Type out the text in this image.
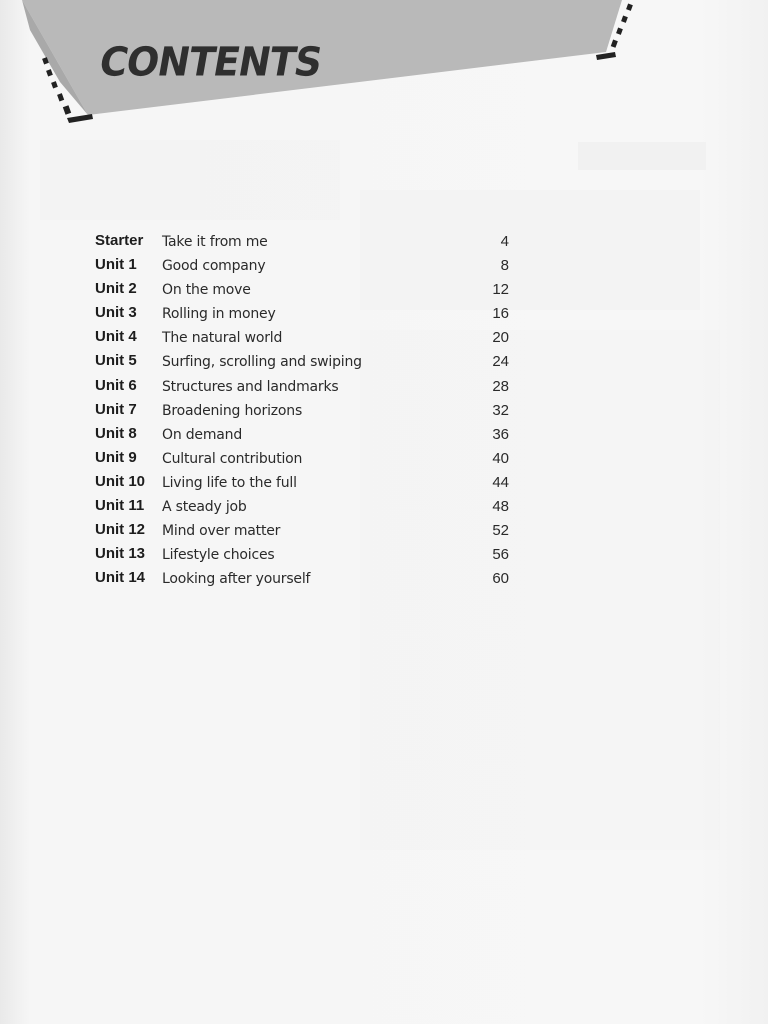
CONTENTS
Starter Take it from me	4
Unit 1 Good company	8
Unit 2 On the move	12
Unit 3 Rolling in money	16
Unit 4 The natural world	20
Unit 5 Surfing, scrolling and swiping	24
Unit 6 Structures and landmarks	28
Unit 7 Broadening horizons	32
Unit 8 On demand	36
Unit 9 Cultural contribution	40
Unit 10 Living life to the full	44
Unit 11 A steady job	48
Unit 12 Mind over matter	52
Unit 13 Lifestyle choices	56
Unit 14 Looking after yourself	60
